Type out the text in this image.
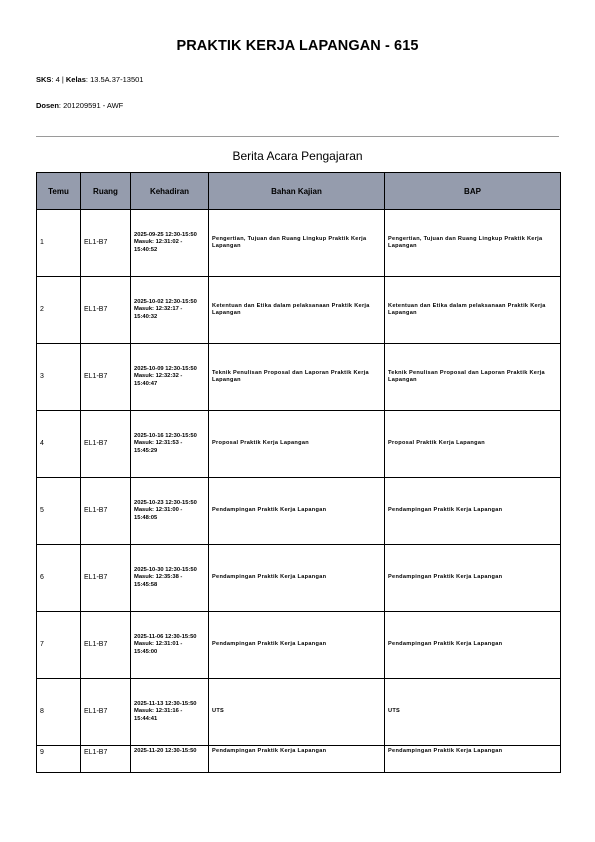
PRAKTIK KERJA LAPANGAN - 615
SKS: 4 | Kelas: 13.5A.37-13501
Dosen: 201209591 - AWF
Berita Acara Pengajaran
Temu	Ruang	Kehadiran	Bahan Kajian	BAP
1	EL1-B7	2025-09-25 12:30-15:50
Masuk: 12:31:02 - 15:40:52	Pengertian, Tujuan dan Ruang Lingkup Praktik Kerja Lapangan	Pengertian, Tujuan dan Ruang Lingkup Praktik Kerja Lapangan
2	EL1-B7	2025-10-02 12:30-15:50
Masuk: 12:32:17 - 15:40:32	Ketentuan dan Etika dalam pelaksanaan Praktik Kerja Lapangan	Ketentuan dan Etika dalam pelaksanaan Praktik Kerja Lapangan
3	EL1-B7	2025-10-09 12:30-15:50
Masuk: 12:32:32 - 15:40:47	Teknik Penulisan Proposal dan Laporan Praktik Kerja Lapangan	Teknik Penulisan Proposal dan Laporan Praktik Kerja Lapangan
4	EL1-B7	2025-10-16 12:30-15:50
Masuk: 12:31:53 - 15:45:29	Proposal Praktik Kerja Lapangan	Proposal Praktik Kerja Lapangan
5	EL1-B7	2025-10-23 12:30-15:50
Masuk: 12:31:00 - 15:48:05	Pendampingan Praktik Kerja Lapangan	Pendampingan Praktik Kerja Lapangan
6	EL1-B7	2025-10-30 12:30-15:50
Masuk: 12:35:38 - 15:45:58	Pendampingan Praktik Kerja Lapangan	Pendampingan Praktik Kerja Lapangan
7	EL1-B7	2025-11-06 12:30-15:50
Masuk: 12:31:01 - 15:45:00	Pendampingan Praktik Kerja Lapangan	Pendampingan Praktik Kerja Lapangan
8	EL1-B7	2025-11-13 12:30-15:50
Masuk: 12:31:16 - 15:44:41	UTS	UTS
9	EL1-B7	2025-11-20 12:30-15:50	Pendampingan Praktik Kerja Lapangan	Pendampingan Praktik Kerja Lapangan
